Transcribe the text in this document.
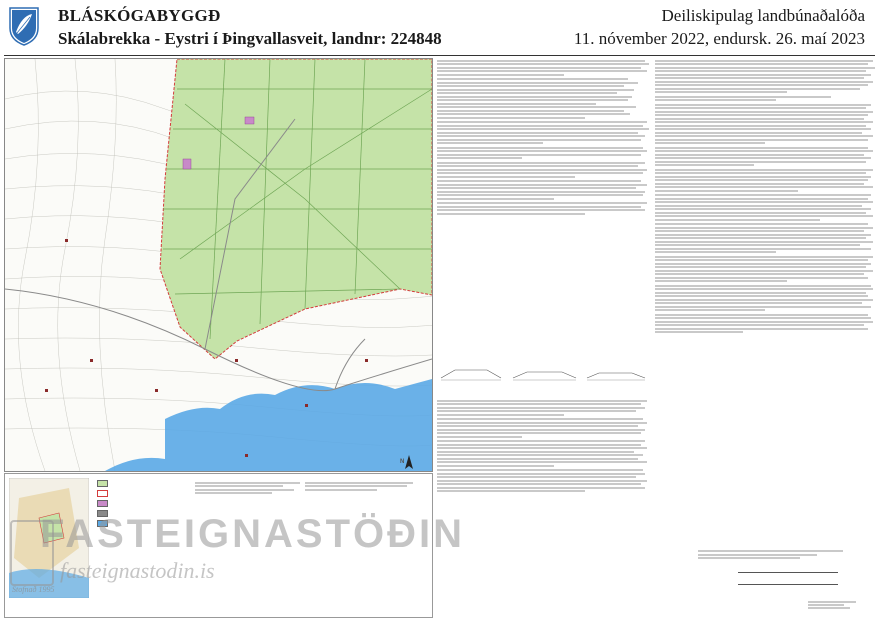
BLÁSKÓGABYGGÐ
Skálabrekka - Eystri í Þingvallasveit, landnr: 224848
Deiliskipulag landbúnaðalóða
11. nóvember 2022, endursk. 26. maí 2023
N
FASTEIGNASTÖÐIN
fasteignastodin.is
Stofnað 1995
